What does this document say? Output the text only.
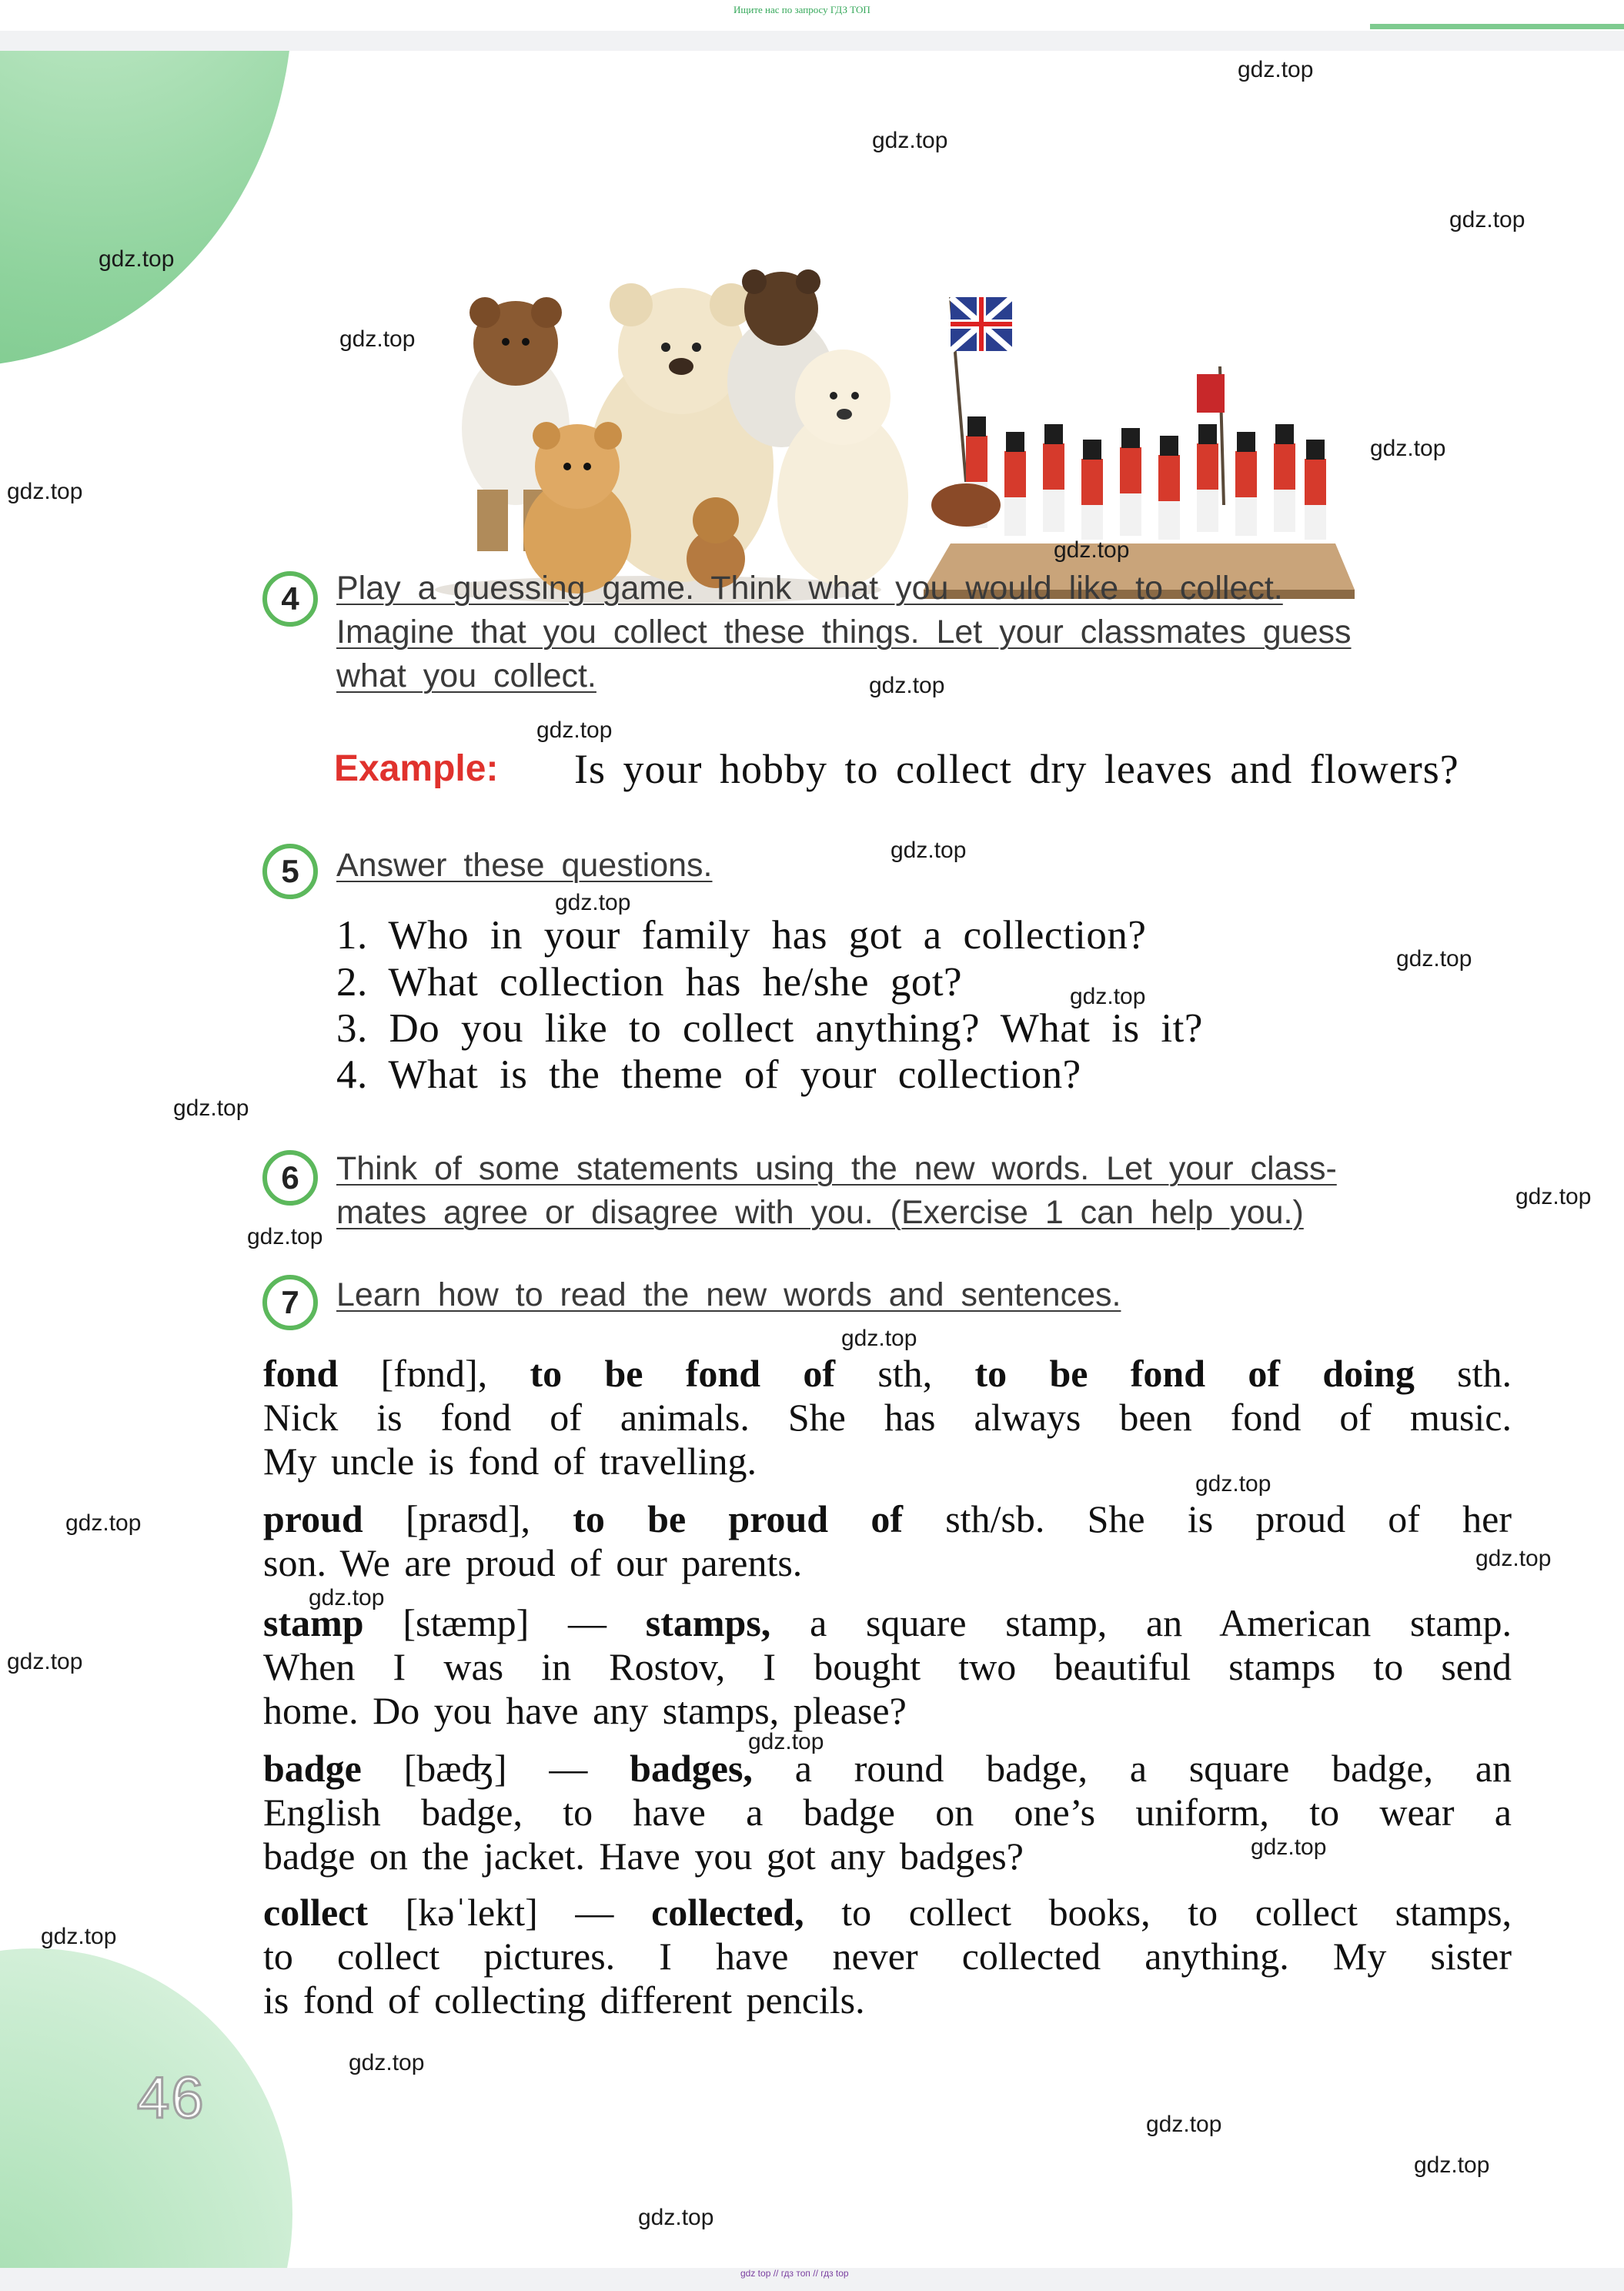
Ищите нас по запросу ГДЗ ТОП
46
4	Play a guessing game. Think what you would like to collect.
Imagine that you collect these things. Let your classmates guess
what you collect.
Example: Is your hobby to collect dry leaves and flowers?
5	Answer these questions.
1. Who in your family has got a collection?
2. What collection has he/she got?
3. Do you like to collect anything? What is it?
4. What is the theme of your collection?
6	Think of some statements using the new words. Let your class-
mates agree or disagree with you. (Exercise 1 can help you.)
7	Learn how to read the new words and sentences.
fond [fɒnd], to be fond of sth, to be fond of doing sth.
Nick is fond of animals. She has always been fond of music.
My uncle is fond of travelling.
proud [praʊd], to be proud of sth/sb. She is proud of her
son. We are proud of our parents.
stamp [stæmp] — stamps, a square stamp, an American stamp.
When I was in Rostov, I bought two beautiful stamps to send
home. Do you have any stamps, please?
badge [bæʤ] — badges, a round badge, a square badge, an
English badge, to have a badge on one’s uniform, to wear a
badge on the jacket. Have you got any badges?
collect [kəˈlekt] — collected, to collect books, to collect stamps,
to collect pictures. I have never collected anything. My sister
is fond of collecting different pencils.
gdz.top
gdz.top
gdz.top
gdz.top
gdz.top
gdz.top
gdz.top
gdz.top
gdz.top
gdz.top
gdz.top
gdz.top
gdz.top
gdz.top
gdz.top
gdz.top
gdz.top
gdz.top
gdz.top
gdz.top
gdz.top
gdz.top
gdz.top
gdz.top
gdz.top
gdz.top
gdz.top
gdz.top
gdz.top
gdz.top
gdz top // гдз топ // гдз top
